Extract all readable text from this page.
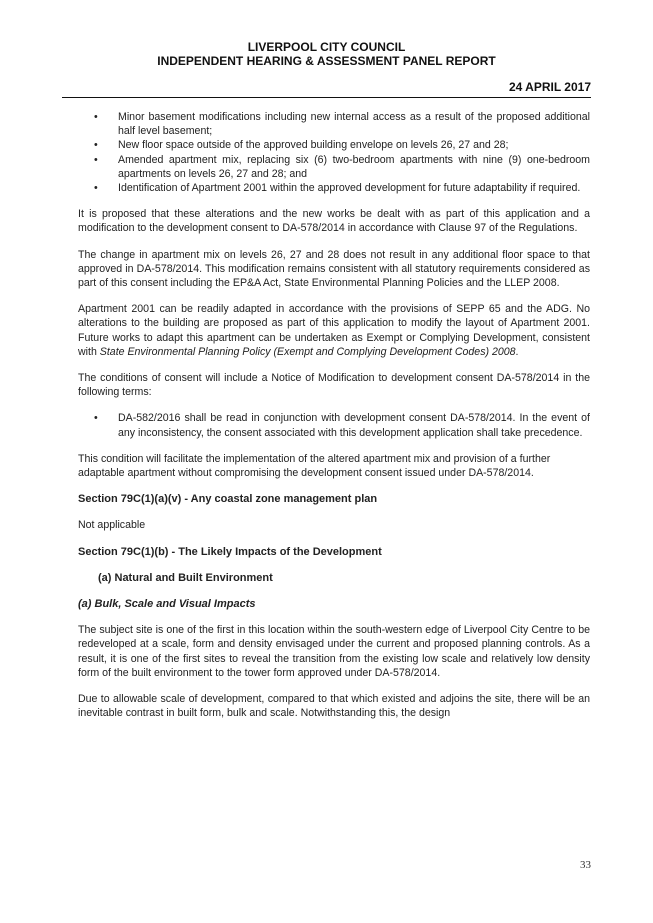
LIVERPOOL CITY COUNCIL
INDEPENDENT HEARING & ASSESSMENT PANEL REPORT
24 APRIL 2017
• Minor basement modifications including new internal access as a result of the proposed additional half level basement;
• New floor space outside of the approved building envelope on levels 26, 27 and 28;
• Amended apartment mix, replacing six (6) two-bedroom apartments with nine (9) one-bedroom apartments on levels 26, 27 and 28; and
• Identification of Apartment 2001 within the approved development for future adaptability if required.

It is proposed that these alterations and the new works be dealt with as part of this application and a modification to the development consent to DA-578/2014 in accordance with Clause 97 of the Regulations.

The change in apartment mix on levels 26, 27 and 28 does not result in any additional floor space to that approved in DA-578/2014. This modification remains consistent with all statutory requirements considered as part of this consent including the EP&A Act, State Environmental Planning Policies and the LLEP 2008.

Apartment 2001 can be readily adapted in accordance with the provisions of SEPP 65 and the ADG. No alterations to the building are proposed as part of this application to modify the layout of Apartment 2001. Future works to adapt this apartment can be undertaken as Exempt or Complying Development, consistent with State Environmental Planning Policy (Exempt and Complying Development Codes) 2008.

The conditions of consent will include a Notice of Modification to development consent DA-578/2014 in the following terms:

• DA-582/2016 shall be read in conjunction with development consent DA-578/2014. In the event of any inconsistency, the consent associated with this development application shall take precedence.

This condition will facilitate the implementation of the altered apartment mix and provision of a further adaptable apartment without compromising the development consent issued under DA-578/2014.

Section 79C(1)(a)(v) - Any coastal zone management plan

Not applicable

Section 79C(1)(b) - The Likely Impacts of the Development
(a) Natural and Built Environment
(a) Bulk, Scale and Visual Impacts

The subject site is one of the first in this location within the south-western edge of Liverpool City Centre to be redeveloped at a scale, form and density envisaged under the current and proposed planning controls. As a result, it is one of the first sites to reveal the transition from the existing low scale and relatively low density form of the built environment to the tower form approved under DA-578/2014.

Due to allowable scale of development, compared to that which existed and adjoins the site, there will be an inevitable contrast in built form, bulk and scale. Notwithstanding this, the design

33
